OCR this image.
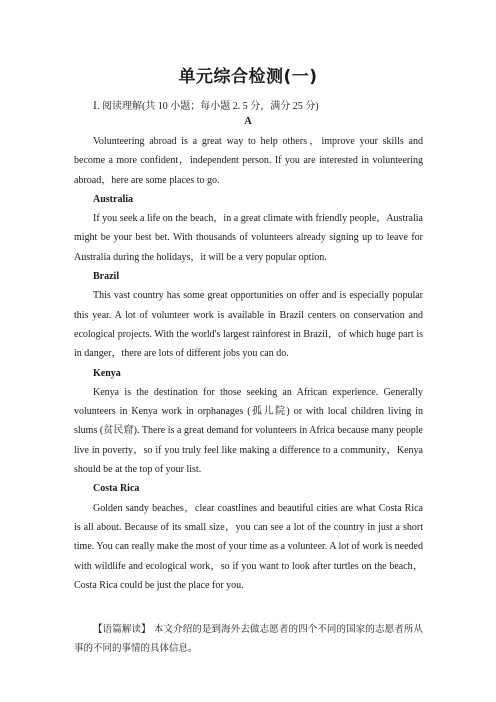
单元综合检测(一)
Ⅰ. 阅读理解(共 10 小题；每小题 2. 5 分，满分 25 分)
A

Volunteering abroad is a great way to help others，improve your skills and become a more confident，independent person. If you are interested in volunteering abroad，here are some places to go.

Australia

If you seek a life on the beach，in a great climate with friendly people，Australia might be your best bet. With thousands of volunteers already signing up to leave for Australia during the holidays，it will be a very popular option.

Brazil

This vast country has some great opportunities on offer and is especially popular this year. A lot of volunteer work is available in Brazil centers on conservation and ecological projects. With the world's largest rainforest in Brazil，of which huge part is in danger，there are lots of different jobs you can do.

Kenya

Kenya is the destination for those seeking an African experience. Generally volunteers in Kenya work in orphanages (孤儿院) or with local children living in slums (贫民窟). There is a great demand for volunteers in Africa because many people live in poverty，so if you truly feel like making a difference to a community，Kenya should be at the top of your list.

Costa Rica

Golden sandy beaches，clear coastlines and beautiful cities are what Costa Rica is all about. Because of its small size，you can see a lot of the country in just a short time. You can really make the most of your time as a volunteer. A lot of work is needed with wildlife and ecological work，so if you want to look after turtles on the beach，Costa Rica could be just the place for you.

【语篇解读】 本文介绍的是到海外去做志愿者的四个不同的国家的志愿者所从事的不同的事情的具体信息。
